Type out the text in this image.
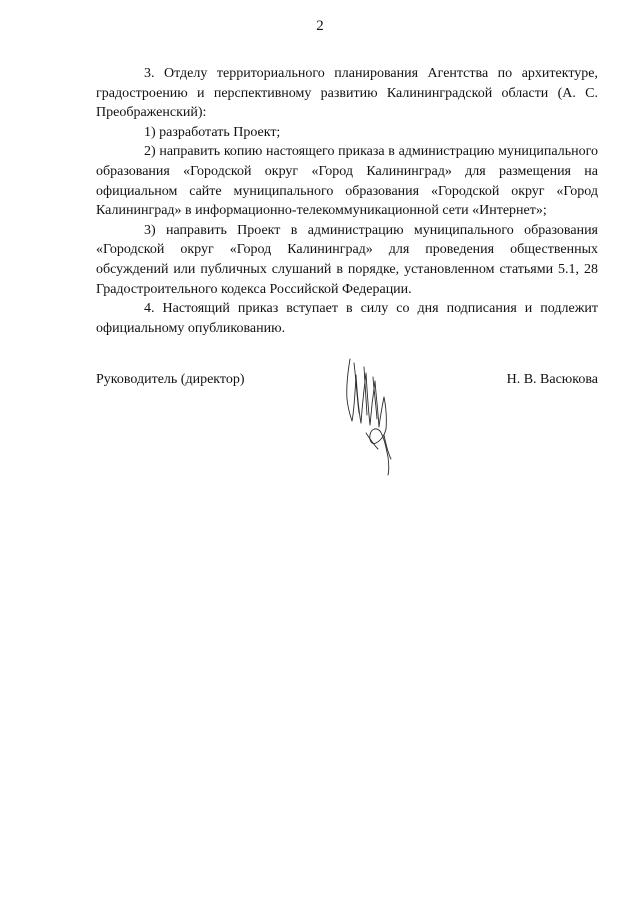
2

3. Отделу территориального планирования Агентства по архитектуре, градостроению и перспективному развитию Калининградской области (А. С. Преображенский):

1) разработать Проект;

2) направить копию настоящего приказа в администрацию муниципального образования «Городской округ «Город Калининград» для размещения на официальном сайте муниципального образования «Городской округ «Город Калининград» в информационно-телекоммуникационной сети «Интернет»;

3) направить Проект в администрацию муниципального образования «Городской округ «Город Калининград» для проведения общественных обсуждений или публичных слушаний в порядке, установленном статьями 5.1, 28 Градостроительного кодекса Российской Федерации.

4. Настоящий приказ вступает в силу со дня подписания и подлежит официальному опубликованию.

Руководитель (директор)	Н. В. Васюкова
